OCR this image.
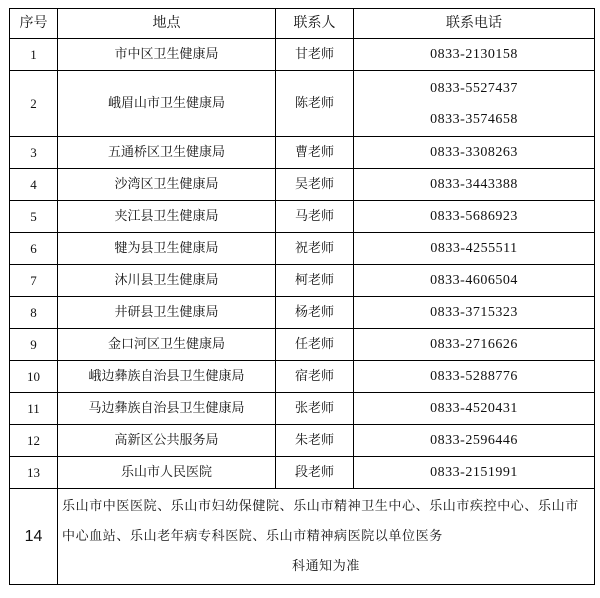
序号	地点	联系人	联系电话
1	市中区卫生健康局	甘老师	0833-2130158

2	峨眉山市卫生健康局	陈老师	0833-5527437
0833-3574658

3	五通桥区卫生健康局	曹老师	0833-3308263

4	沙湾区卫生健康局	吴老师	0833-3443388

5	夹江县卫生健康局	马老师	0833-5686923

6	犍为县卫生健康局	祝老师	0833-4255511

7	沐川县卫生健康局	柯老师	0833-4606504

8	井研县卫生健康局	杨老师	0833-3715323

9	金口河区卫生健康局	任老师	0833-2716626

10	峨边彝族自治县卫生健康局	宿老师	0833-5288776

11	马边彝族自治县卫生健康局	张老师	0833-4520431

12	高新区公共服务局	朱老师	0833-2596446

13	乐山市人民医院	段老师	0833-2151991

14	乐山市中医医院、乐山市妇幼保健院、乐山市精神卫生中心、乐山市疾控中心、乐山市中心血站、乐山老年病专科医院、乐山市精神病医院以单位医务
科通知为准		
